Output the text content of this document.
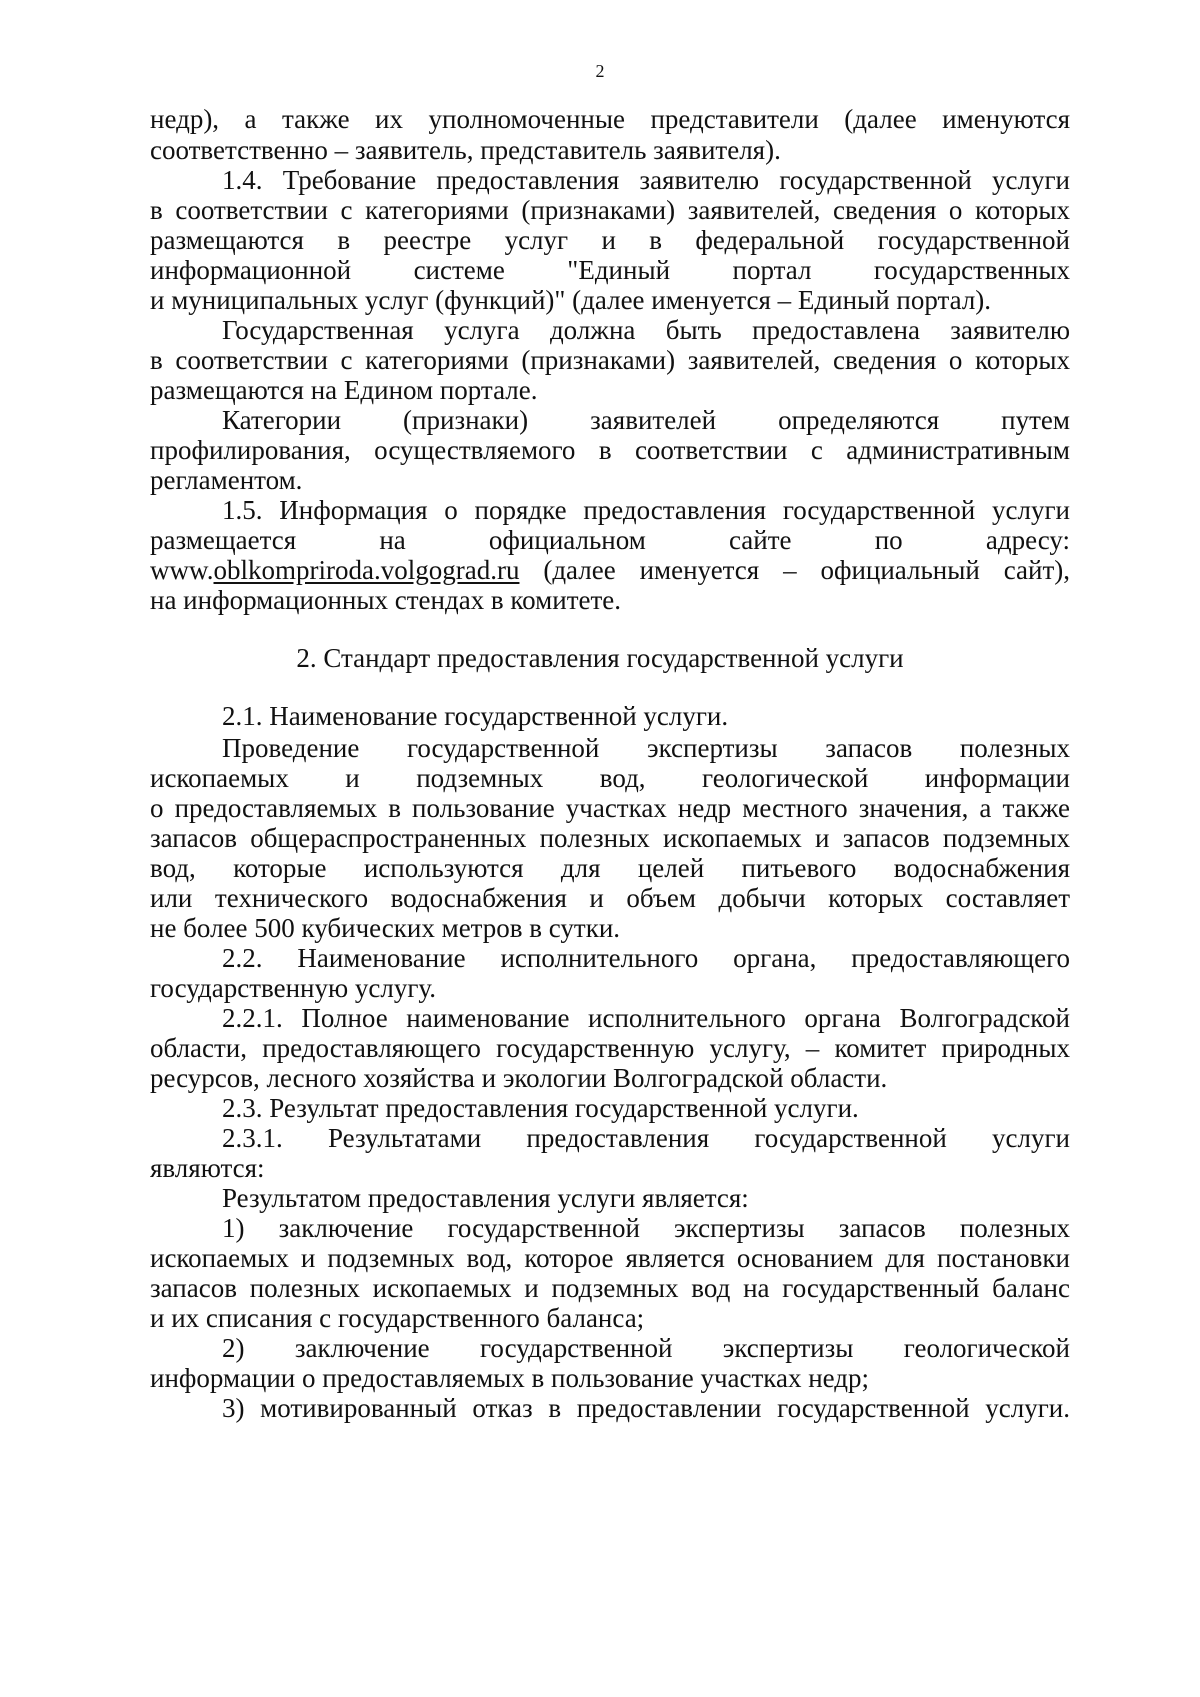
2
недр), а также их уполномоченные представители (далее именуются
соответственно – заявитель, представитель заявителя).
1.4. Требование предоставления заявителю государственной услуги
в соответствии с категориями (признаками) заявителей, сведения о которых
размещаются в реестре услуг и в федеральной государственной
информационной системе "Единый портал государственных
и муниципальных услуг (функций)" (далее именуется – Единый портал).
Государственная услуга должна быть предоставлена заявителю
в соответствии с категориями (признаками) заявителей, сведения о которых
размещаются на Едином портале.
Категории (признаки) заявителей определяются путем
профилирования, осуществляемого в соответствии с административным
регламентом.
1.5. Информация о порядке предоставления государственной услуги
размещается на официальном сайте по адресу:
www.oblkompriroda.volgograd.ru (далее именуется – официальный сайт),
на информационных стендах в комитете.
2. Стандарт предоставления государственной услуги
2.1. Наименование государственной услуги.
Проведение государственной экспертизы запасов полезных
ископаемых и подземных вод, геологической информации
о предоставляемых в пользование участках недр местного значения, а также
запасов общераспространенных полезных ископаемых и запасов подземных
вод, которые используются для целей питьевого водоснабжения
или технического водоснабжения и объем добычи которых составляет
не более 500 кубических метров в сутки.
2.2. Наименование исполнительного органа, предоставляющего
государственную услугу.
2.2.1. Полное наименование исполнительного органа Волгоградской
области, предоставляющего государственную услугу, – комитет природных
ресурсов, лесного хозяйства и экологии Волгоградской области.
2.3. Результат предоставления государственной услуги.
2.3.1. Результатами предоставления государственной услуги
являются:
Результатом предоставления услуги является:
1) заключение государственной экспертизы запасов полезных
ископаемых и подземных вод, которое является основанием для постановки
запасов полезных ископаемых и подземных вод на государственный баланс
и их списания с государственного баланса;
2) заключение государственной экспертизы геологической
информации о предоставляемых в пользование участках недр;
3) мотивированный отказ в предоставлении государственной услуги.
